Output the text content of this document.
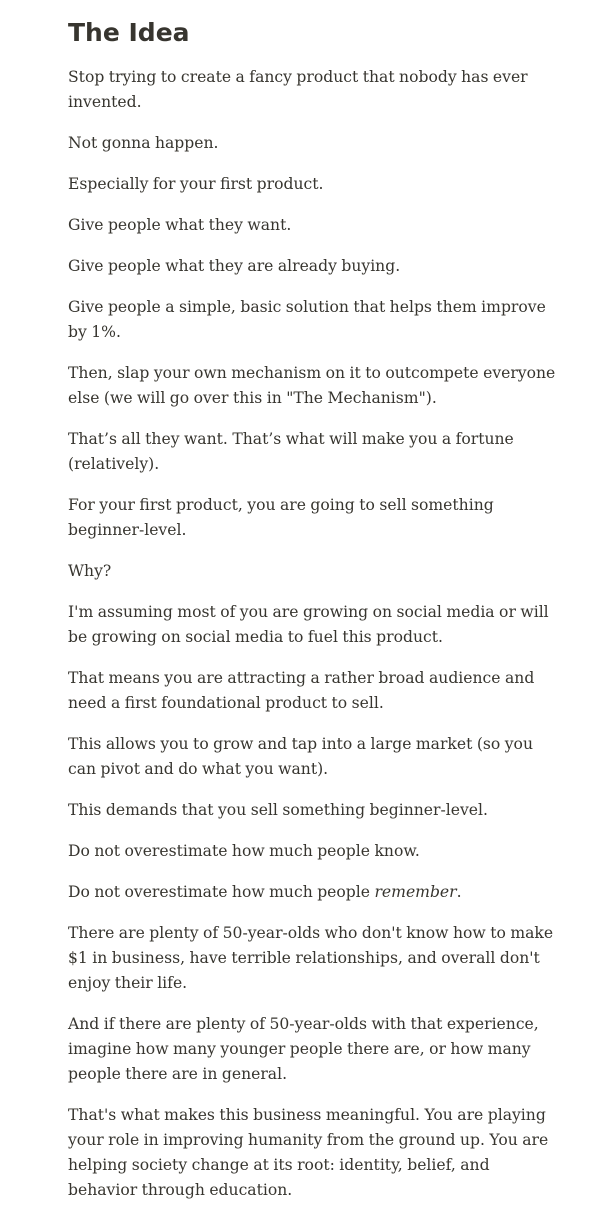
The Idea

Stop trying to create a fancy product that nobody has ever invented.

Not gonna happen.

Especially for your first product.

Give people what they want.

Give people what they are already buying.

Give people a simple, basic solution that helps them improve by 1%.

Then, slap your own mechanism on it to outcompete everyone else (we will go over this in "The Mechanism").

That’s all they want. That’s what will make you a fortune (relatively).

For your first product, you are going to sell something beginner-level.

Why?

I'm assuming most of you are growing on social media or will be growing on social media to fuel this product.

That means you are attracting a rather broad audience and need a first foundational product to sell.

This allows you to grow and tap into a large market (so you can pivot and do what you want).

This demands that you sell something beginner-level.

Do not overestimate how much people know.

Do not overestimate how much people remember.

There are plenty of 50-year-olds who don't know how to make $1 in business, have terrible relationships, and overall don't enjoy their life.

And if there are plenty of 50-year-olds with that experience, imagine how many younger people there are, or how many people there are in general.

That's what makes this business meaningful. You are playing your role in improving humanity from the ground up. You are helping society change at its root: identity, belief, and behavior through education.
